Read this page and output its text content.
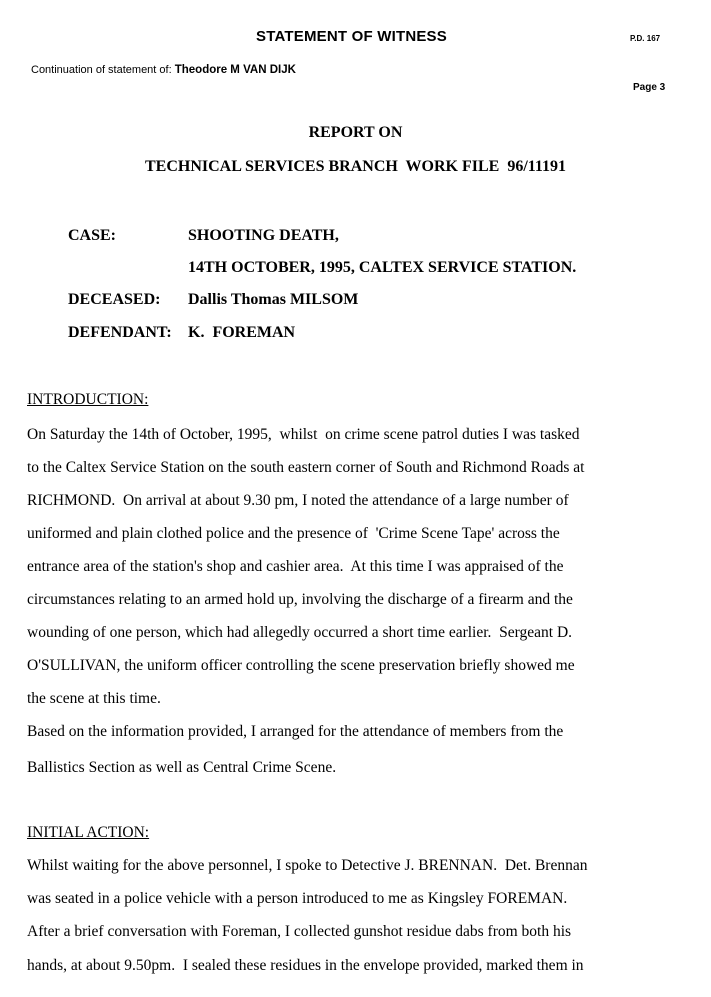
STATEMENT OF WITNESS	P.D. 167
Continuation of statement of: Theodore M VAN DIJK
Page 3
REPORT ON
TECHNICAL SERVICES BRANCH  WORK FILE  96/11191
CASE:	SHOOTING DEATH,
14TH OCTOBER, 1995, CALTEX SERVICE STATION.
DECEASED: Dallis Thomas MILSOM
DEFENDANT: K.  FOREMAN
INTRODUCTION:
On Saturday the 14th of October, 1995,  whilst  on crime scene patrol duties I was tasked
to the Caltex Service Station on the south eastern corner of South and Richmond Roads at
RICHMOND.  On arrival at about 9.30 pm, I noted the attendance of a large number of
uniformed and plain clothed police and the presence of  'Crime Scene Tape' across the
entrance area of the station's shop and cashier area.  At this time I was appraised of the
circumstances relating to an armed hold up, involving the discharge of a firearm and the
wounding of one person, which had allegedly occurred a short time earlier.  Sergeant D.
O'SULLIVAN, the uniform officer controlling the scene preservation briefly showed me
the scene at this time.
Based on the information provided, I arranged for the attendance of members from the
Ballistics Section as well as Central Crime Scene.
INITIAL ACTION:
Whilst waiting for the above personnel, I spoke to Detective J. BRENNAN.  Det. Brennan
was seated in a police vehicle with a person introduced to me as Kingsley FOREMAN.
After a brief conversation with Foreman, I collected gunshot residue dabs from both his
hands, at about 9.50pm.  I sealed these residues in the envelope provided, marked them in
